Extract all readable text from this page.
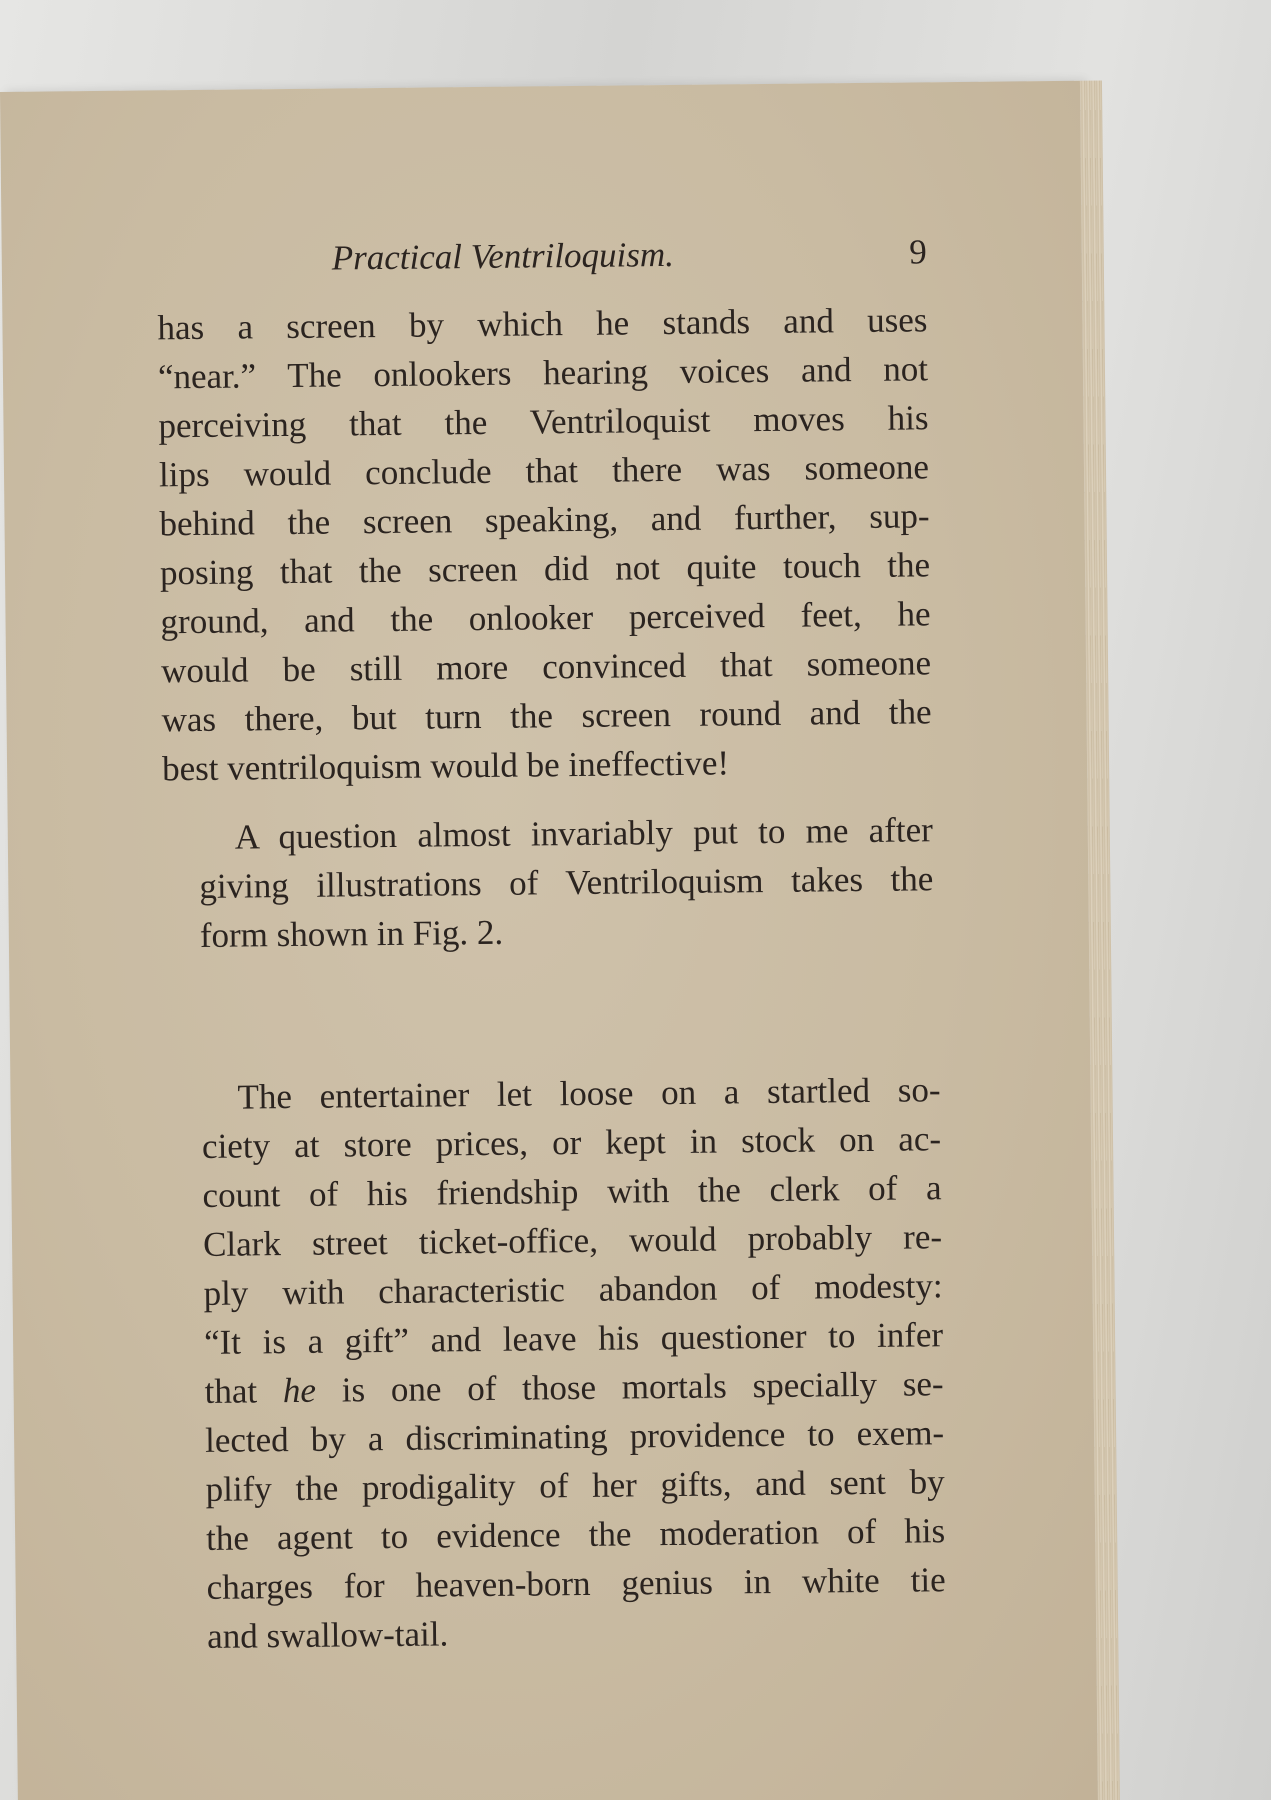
Practical Ventriloquism.	9
has a screen by which he stands and uses
“near.” The onlookers hearing voices and not
perceiving that the Ventriloquist moves his
lips would conclude that there was someone
behind the screen speaking, and further, sup-
posing that the screen did not quite touch the
ground, and the onlooker perceived feet, he
would be still more convinced that someone
was there, but turn the screen round and the
best ventriloquism would be ineffective!
A question almost invariably put to me after
giving illustrations of Ventriloquism takes the
form shown in Fig. 2.
The entertainer let loose on a startled so-
ciety at store prices, or kept in stock on ac-
count of his friendship with the clerk of a
Clark street ticket-office, would probably re-
ply with characteristic abandon of modesty:
“It is a gift” and leave his questioner to infer
that he is one of those mortals specially se-
lected by a discriminating providence to exem-
plify the prodigality of her gifts, and sent by
the agent to evidence the moderation of his
charges for heaven-born genius in white tie
and swallow-tail.
